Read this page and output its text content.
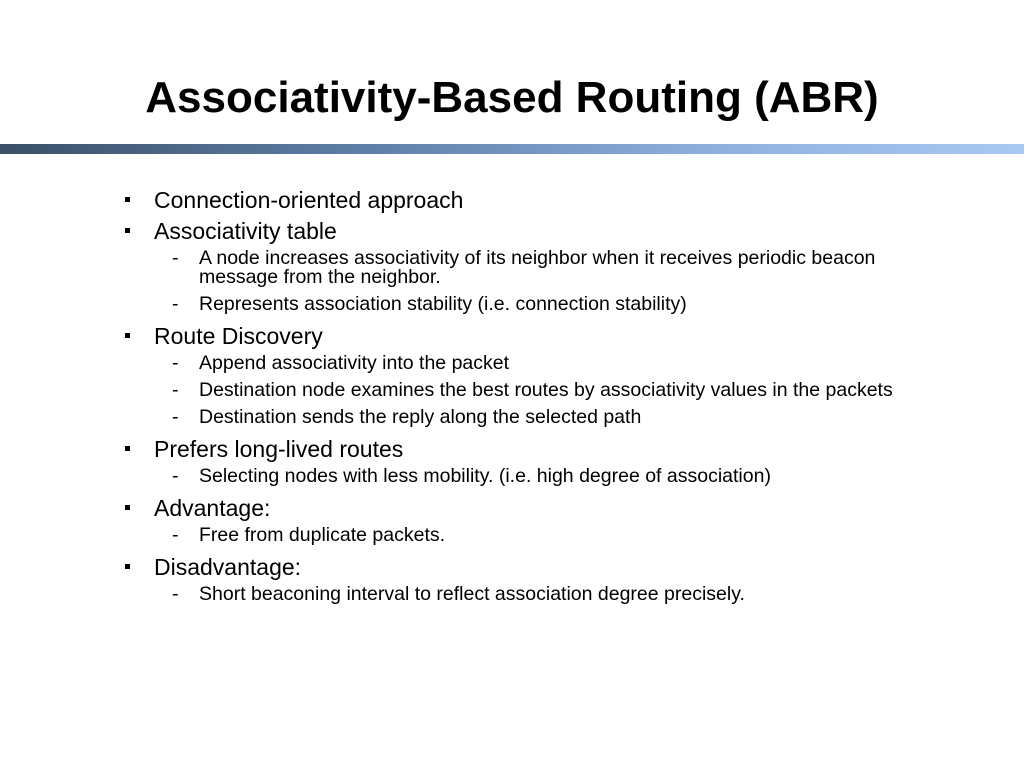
Associativity-Based Routing (ABR)
Connection-oriented approach
Associativity table
- A node increases associativity of its neighbor when it receives periodic beacon message from the neighbor.
- Represents association stability (i.e. connection stability)
Route Discovery
- Append associativity into the packet
- Destination node examines the best routes by associativity values in the packets
- Destination sends the reply along the selected path
Prefers long-lived routes
- Selecting nodes with less mobility. (i.e. high degree of association)
Advantage:
- Free from duplicate packets.
Disadvantage:
- Short beaconing interval to reflect association degree precisely.
